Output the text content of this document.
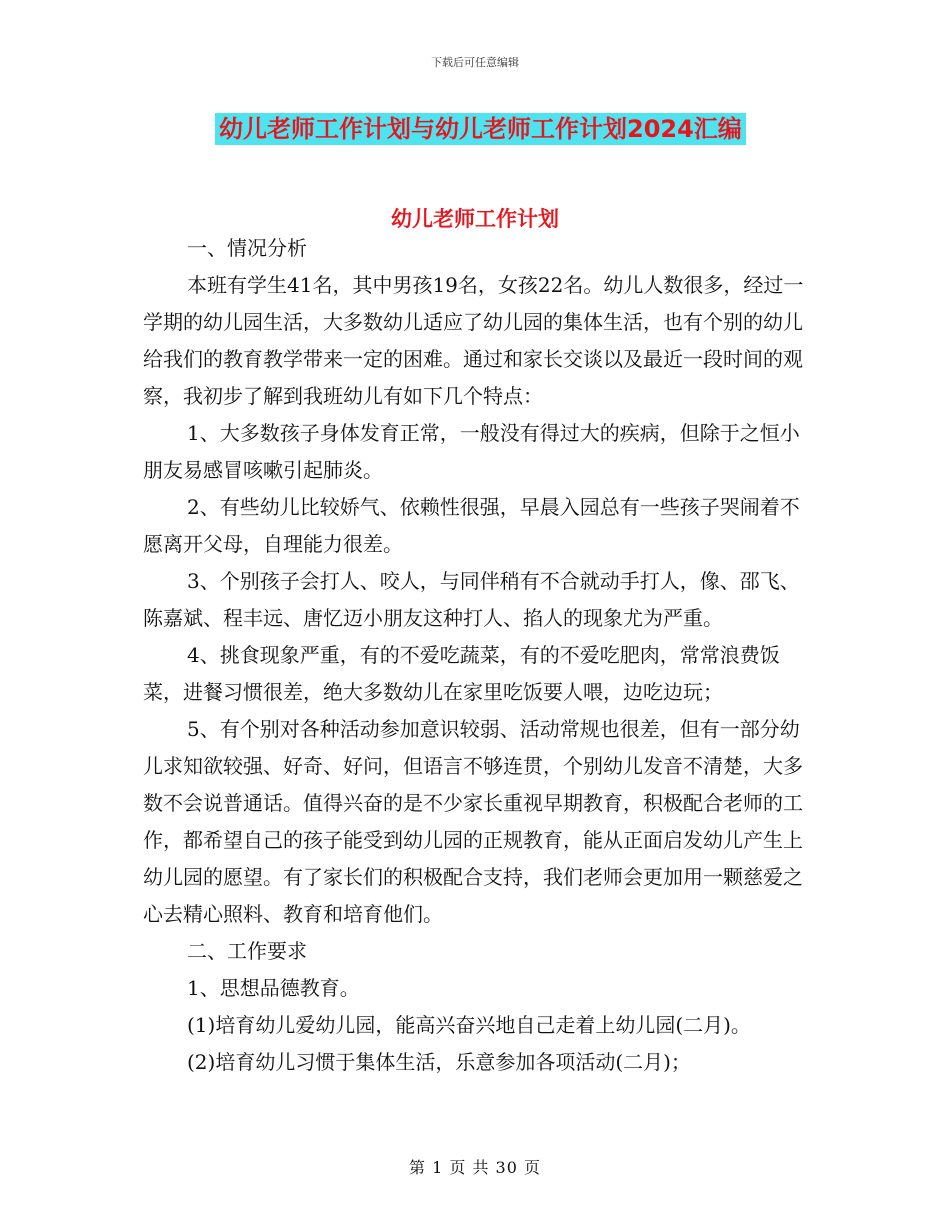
下载后可任意编辑
幼儿老师工作计划与幼儿老师工作计划2024汇编
幼儿老师工作计划

一、情况分析

本班有学生41名，其中男孩19名，女孩22名。幼儿人数很多，经过一学期的幼儿园生活，大多数幼儿适应了幼儿园的集体生活，也有个别的幼儿给我们的教育教学带来一定的困难。通过和家长交谈以及最近一段时间的观察，我初步了解到我班幼儿有如下几个特点：

1、大多数孩子身体发育正常，一般没有得过大的疾病，但除于之恒小朋友易感冒咳嗽引起肺炎。

2、有些幼儿比较娇气、依赖性很强，早晨入园总有一些孩子哭闹着不愿离开父母，自理能力很差。

3、个别孩子会打人、咬人，与同伴稍有不合就动手打人，像、邵飞、陈嘉斌、程丰远、唐忆迈小朋友这种打人、掐人的现象尤为严重。

4、挑食现象严重，有的不爱吃蔬菜，有的不爱吃肥肉，常常浪费饭菜，进餐习惯很差，绝大多数幼儿在家里吃饭要人喂，边吃边玩；

5、有个别对各种活动参加意识较弱、活动常规也很差，但有一部分幼儿求知欲较强、好奇、好问，但语言不够连贯，个别幼儿发音不清楚，大多数不会说普通话。值得兴奋的是不少家长重视早期教育，积极配合老师的工作，都希望自己的孩子能受到幼儿园的正规教育，能从正面启发幼儿产生上幼儿园的愿望。有了家长们的积极配合支持，我们老师会更加用一颗慈爱之心去精心照料、教育和培育他们。

二、工作要求

1、思想品德教育。

(1)培育幼儿爱幼儿园，能高兴奋兴地自己走着上幼儿园(二月)。

(2)培育幼儿习惯于集体生活，乐意参加各项活动(二月)；

第 1 页 共 30 页
